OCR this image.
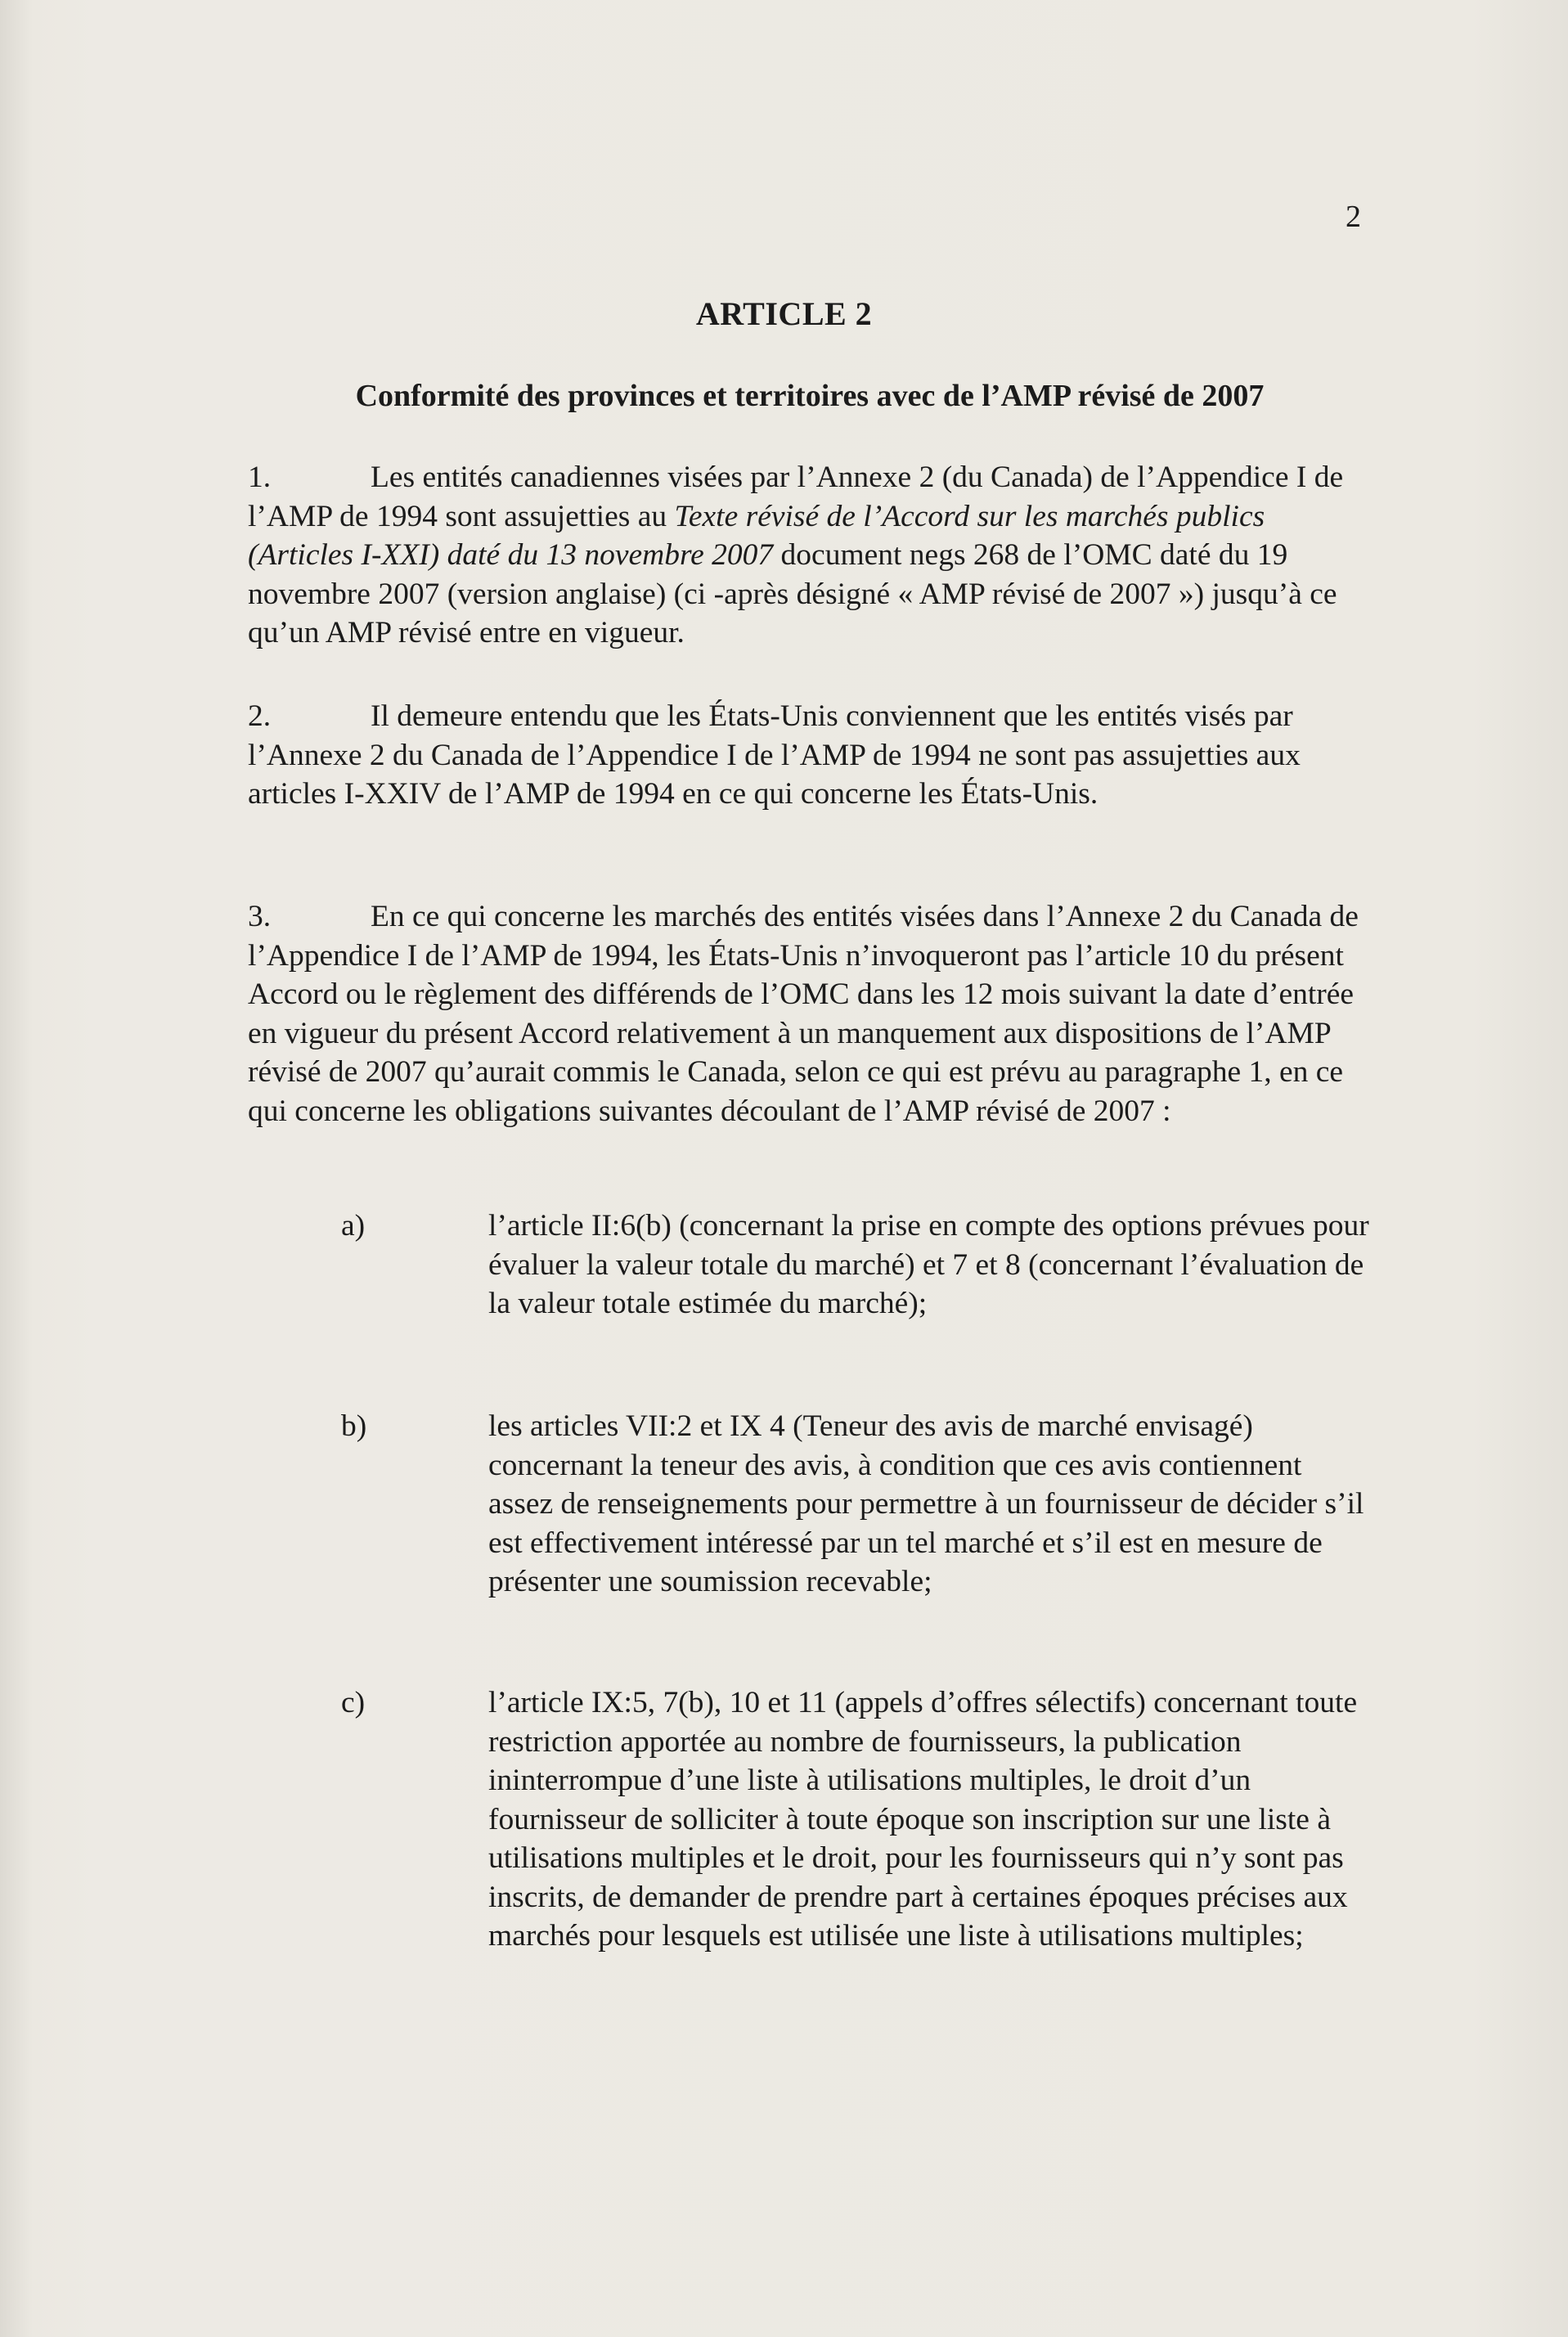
2
ARTICLE 2
Conformité des provinces et territoires avec de l’AMP révisé de 2007
1.	Les entités canadiennes visées par l’Annexe 2 (du Canada) de l’Appendice I de l’AMP de 1994 sont assujetties au Texte révisé de l’Accord sur les marchés publics (Articles I-XXI) daté du 13 novembre 2007 document negs 268 de l’OMC daté du 19 novembre 2007 (version anglaise) (ci -après désigné « AMP révisé de 2007 ») jusqu’à ce qu’un AMP révisé entre en vigueur.
2.	Il demeure entendu que les États-Unis conviennent que les entités visés par l’Annexe 2 du Canada de l’Appendice I de l’AMP de 1994 ne sont pas assujetties aux articles I-XXIV de l’AMP de 1994 en ce qui concerne les États-Unis.
3.	En ce qui concerne les marchés des entités visées dans l’Annexe 2 du Canada de l’Appendice I de l’AMP de 1994, les États-Unis n’invoqueront pas l’article 10 du présent Accord ou le règlement des différends de l’OMC dans les 12 mois suivant la date d’entrée en vigueur du présent Accord relativement à un manquement aux dispositions de l’AMP révisé de 2007 qu’aurait commis le Canada, selon ce qui est prévu au paragraphe 1, en ce qui concerne les obligations suivantes découlant de l’AMP révisé de 2007 :
a)	l’article II:6(b) (concernant la prise en compte des options prévues pour évaluer la valeur totale du marché) et 7 et 8 (concernant l’évaluation de la valeur totale estimée du marché);
b)	les articles VII:2 et IX 4 (Teneur des avis de marché envisagé) concernant la teneur des avis, à condition que ces avis contiennent assez de renseignements pour permettre à un fournisseur de décider s’il est effectivement intéressé par un tel marché et s’il est en mesure de présenter une soumission recevable;
c)	l’article IX:5, 7(b), 10 et 11 (appels d’offres sélectifs) concernant toute restriction apportée au nombre de fournisseurs, la publication ininterrompue d’une liste à utilisations multiples, le droit d’un fournisseur de solliciter à toute époque son inscription sur une liste à utilisations multiples et le droit, pour les fournisseurs qui n’y sont pas inscrits, de demander de prendre part à certaines époques précises aux marchés pour lesquels est utilisée une liste à utilisations multiples;
